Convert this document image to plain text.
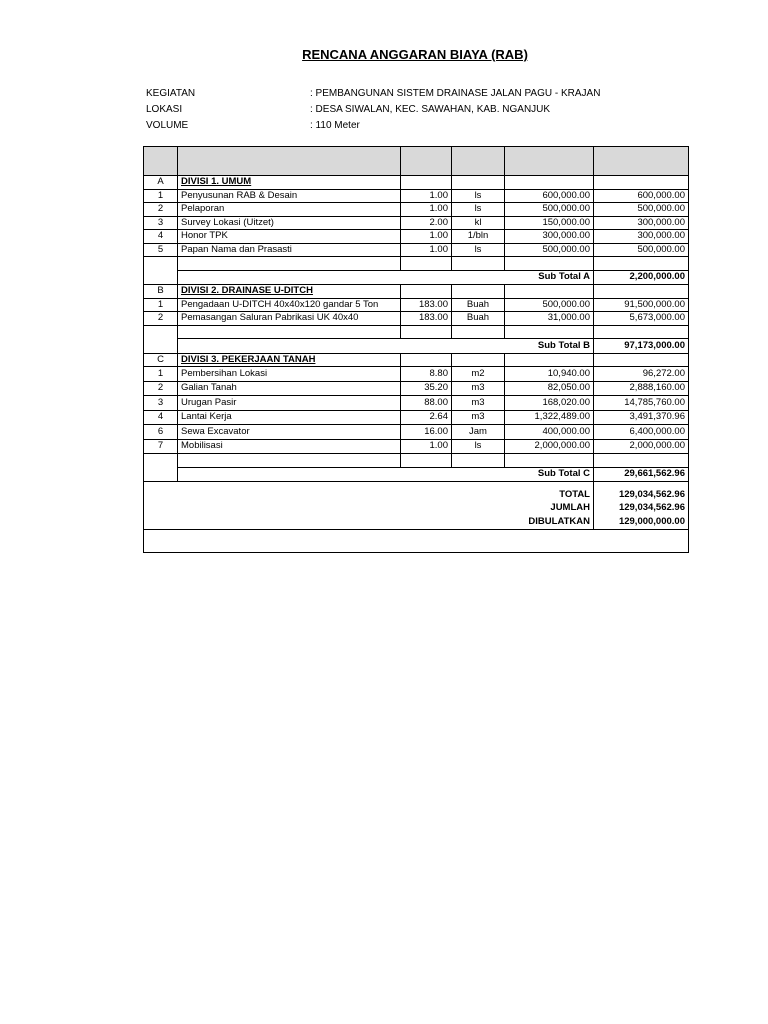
RENCANA ANGGARAN BIAYA (RAB)
KEGIATAN	: PEMBANGUNAN SISTEM DRAINASE JALAN PAGU - KRAJAN
LOKASI	: DESA SIWALAN, KEC. SAWAHAN, KAB. NGANJUK
VOLUME	: 110 Meter

A	DIVISI 1. UMUM				
1	Penyusunan RAB & Desain	1.00	ls	600,000.00	600,000.00
2	Pelaporan	1.00	ls	500,000.00	500,000.00
3	Survey Lokasi (Uitzet)	2.00	kl	150,000.00	300,000.00
4	Honor TPK	1.00	1/bln	300,000.00	300,000.00
5	Papan Nama dan Prasasti	1.00	ls	500,000.00	500,000.00

				Sub Total A	2,200,000.00
B	DIVISI 2. DRAINASE U-DITCH				
1	Pengadaan U-DITCH 40x40x120 gandar 5 Ton	183.00	Buah	500,000.00	91,500,000.00
2	Pemasangan Saluran Pabrikasi UK 40x40	183.00	Buah	31,000.00	5,673,000.00

				Sub Total B	97,173,000.00
C	DIVISI 3. PEKERJAAN TANAH				
1	Pembersihan Lokasi	8.80	m2	10,940.00	96,272.00
2	Galian Tanah	35.20	m3	82,050.00	2,888,160.00
3	Urugan Pasir	88.00	m3	168,020.00	14,785,760.00
4	Lantai Kerja	2.64	m3	1,322,489.00	3,491,370.96
6	Sewa Excavator	16.00	Jam	400,000.00	6,400,000.00
7	Mobilisasi	1.00	ls	2,000,000.00	2,000,000.00

				Sub Total C	29,661,562.96

TOTAL					129,034,562.96
JUMLAH					129,034,562.96
DIBULATKAN					129,000,000.00
